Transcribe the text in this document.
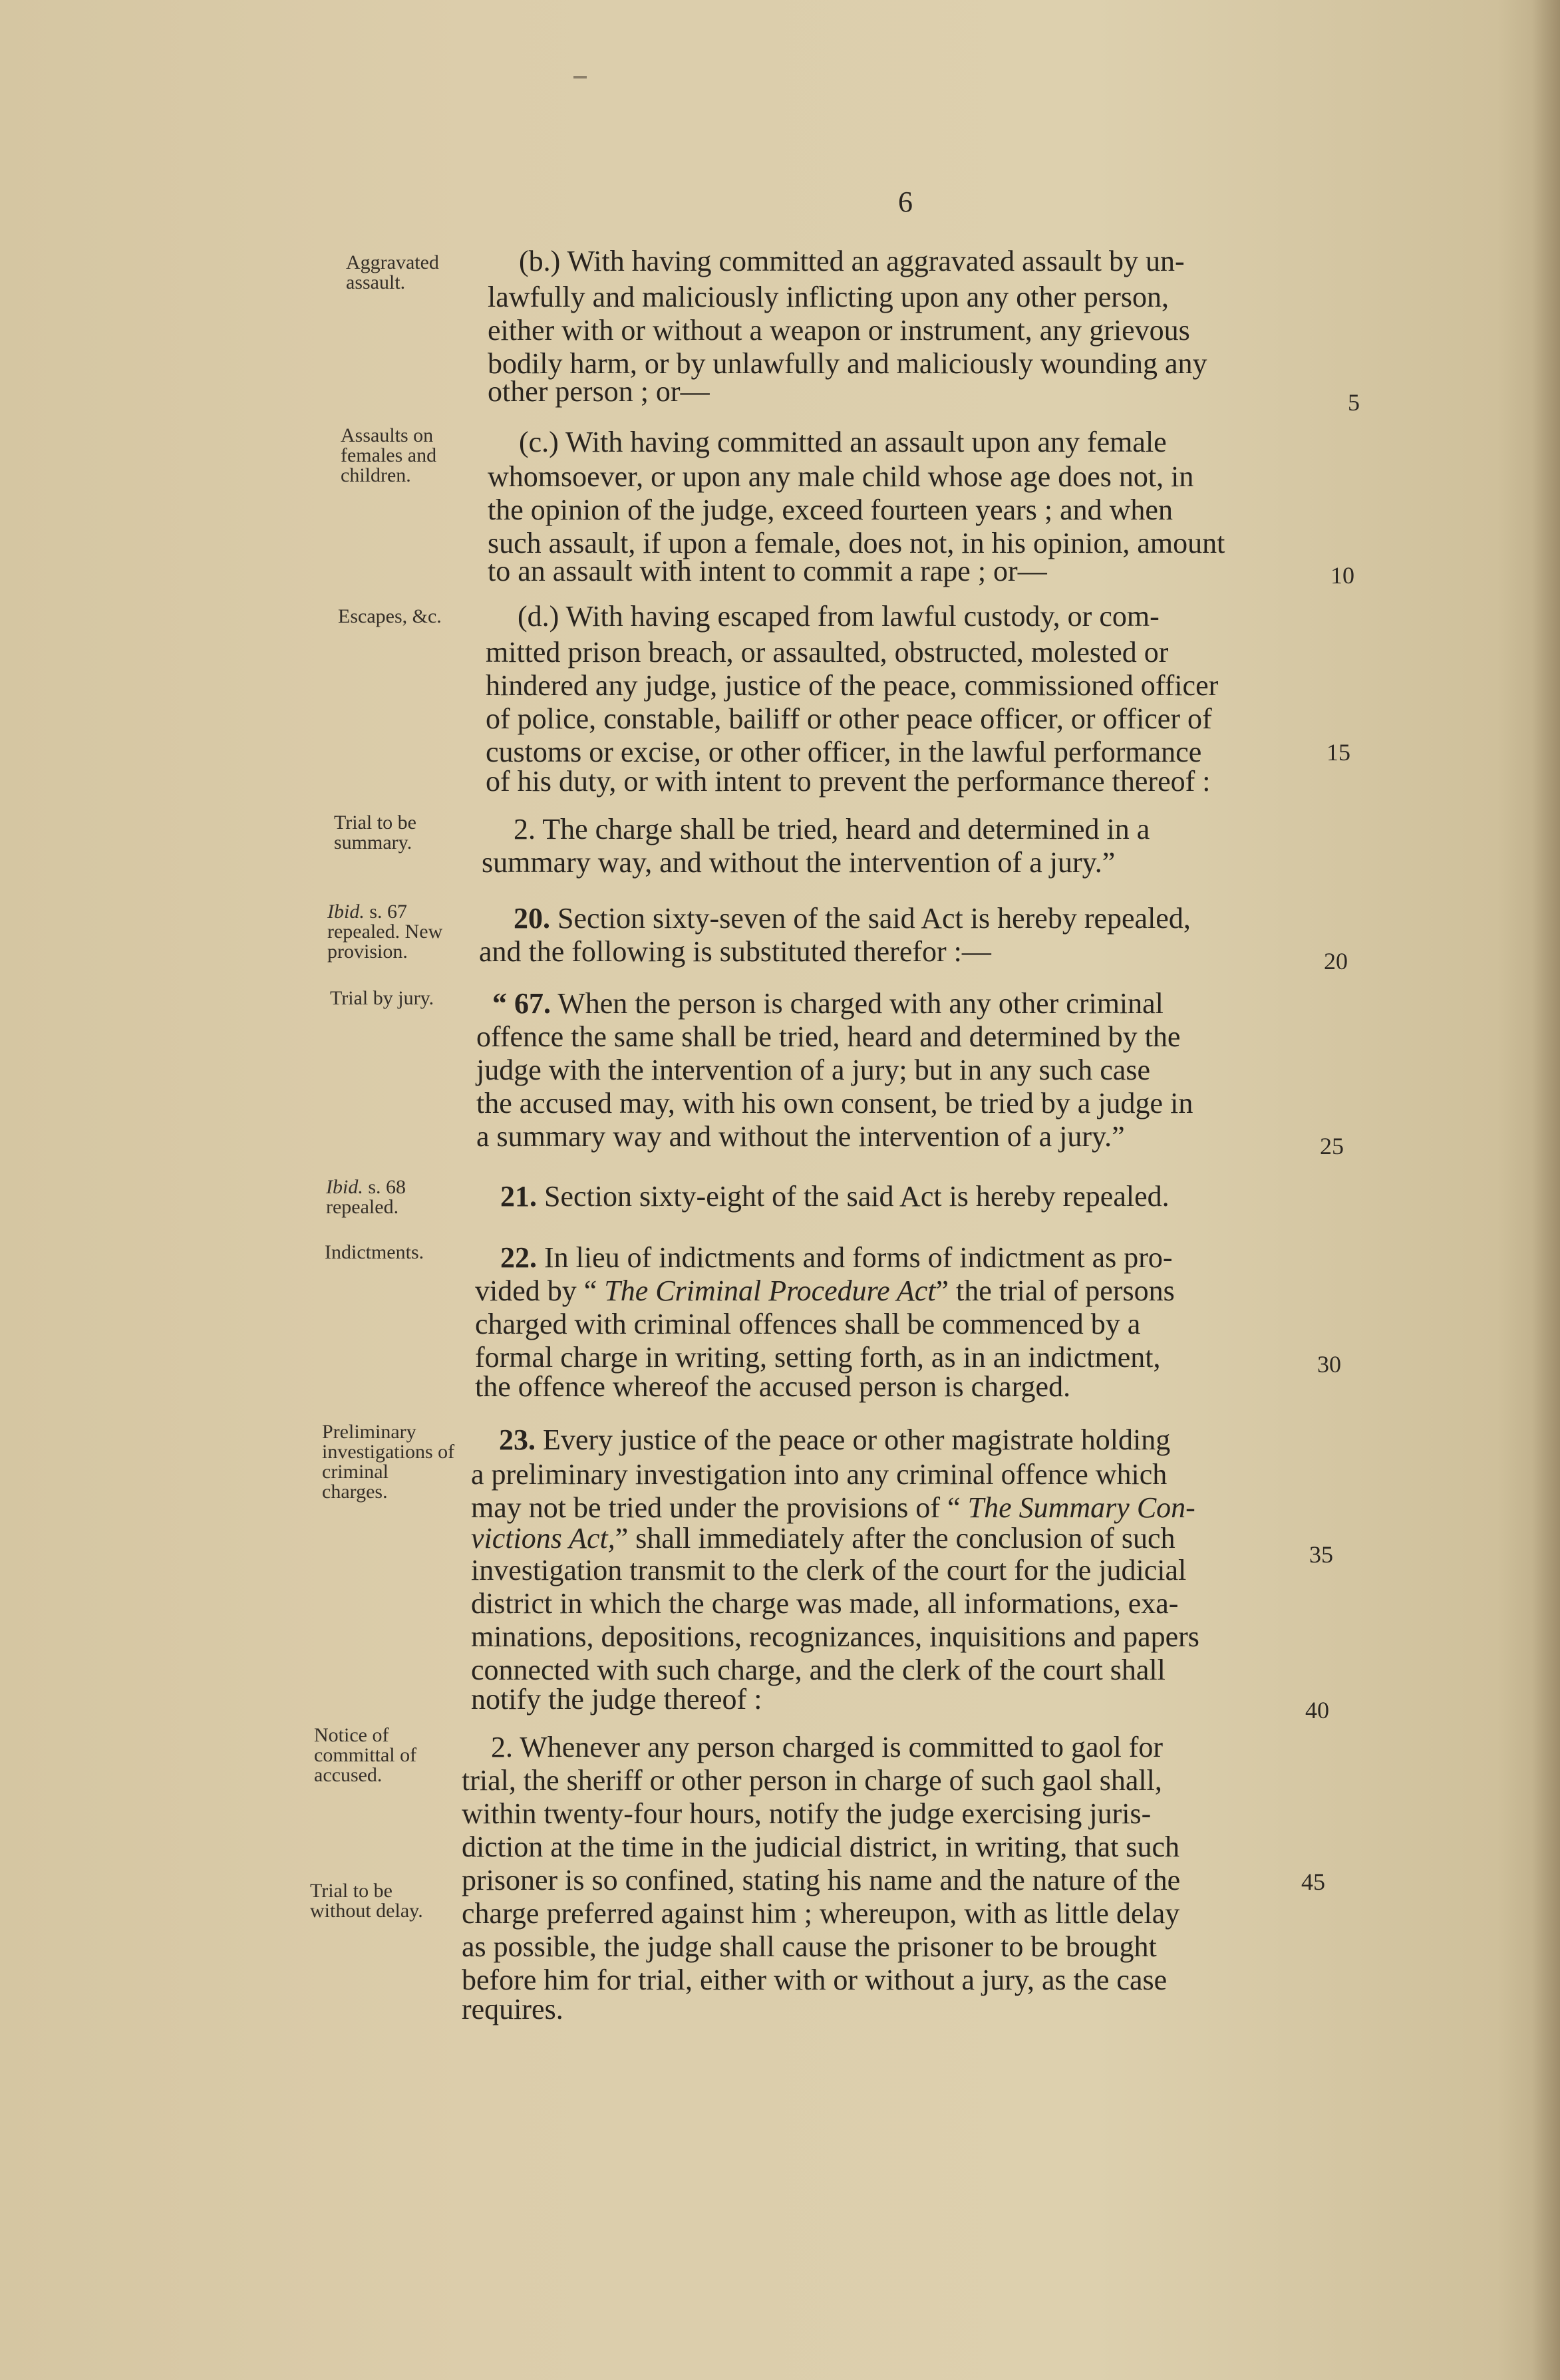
6
Aggravated assault.
Assaults on females and children.
Escapes, &c.
Trial to be summary.
Ibid. s. 67 repealed. New provision.
Trial by jury.
Ibid. s. 68 repealed.
Indictments.
Preliminary investigations of criminal charges.
Notice of committal of accused.
Trial to be without delay.
(b.) With having committed an aggravated assault by un-
lawfully and maliciously inflicting upon any other person,
either with or without a weapon or instrument, any grievous
bodily harm, or by unlawfully and maliciously wounding any
other person ; or—
(c.) With having committed an assault upon any female
whomsoever, or upon any male child whose age does not, in
the opinion of the judge, exceed fourteen years ; and when
such assault, if upon a female, does not, in his opinion, amount
to an assault with intent to commit a rape ; or—
(d.) With having escaped from lawful custody, or com-
mitted prison breach, or assaulted, obstructed, molested or
hindered any judge, justice of the peace, commissioned officer
of police, constable, bailiff or other peace officer, or officer of
customs or excise, or other officer, in the lawful performance
of his duty, or with intent to prevent the performance thereof :
2. The charge shall be tried, heard and determined in a
summary way, and without the intervention of a jury.”
20. Section sixty-seven of the said Act is hereby repealed,
and the following is substituted therefor :—
“ 67. When the person is charged with any other criminal
offence the same shall be tried, heard and determined by the
judge with the intervention of a jury; but in any such case
the accused may, with his own consent, be tried by a judge in
a summary way and without the intervention of a jury.”
21. Section sixty-eight of the said Act is hereby repealed.
22. In lieu of indictments and forms of indictment as pro-
vided by “ The Criminal Procedure Act” the trial of persons
charged with criminal offences shall be commenced by a
formal charge in writing, setting forth, as in an indictment,
the offence whereof the accused person is charged.
23. Every justice of the peace or other magistrate holding
a preliminary investigation into any criminal offence which
may not be tried under the provisions of “ The Summary Con-
victions Act,” shall immediately after the conclusion of such
investigation transmit to the clerk of the court for the judicial
district in which the charge was made, all informations, exa-
minations, depositions, recognizances, inquisitions and papers
connected with such charge, and the clerk of the court shall
notify the judge thereof :
2. Whenever any person charged is committed to gaol for
trial, the sheriff or other person in charge of such gaol shall,
within twenty-four hours, notify the judge exercising juris-
diction at the time in the judicial district, in writing, that such
prisoner is so confined, stating his name and the nature of the
charge preferred against him ; whereupon, with as little delay
as possible, the judge shall cause the prisoner to be brought
before him for trial, either with or without a jury, as the case
requires.
5
10
15
20
25
30
35
40
45
